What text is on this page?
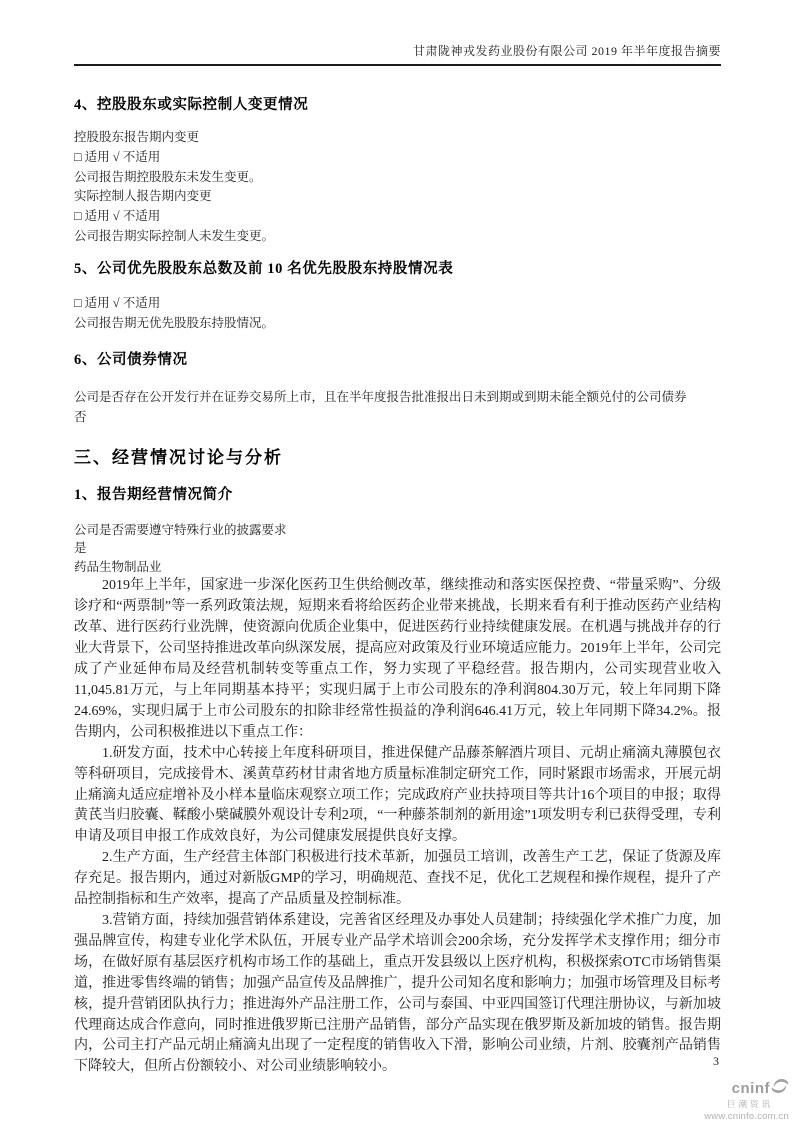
甘肃陇神戎发药业股份有限公司 2019 年半年度报告摘要
4、控股股东或实际控制人变更情况
控股股东报告期内变更
□ 适用 √ 不适用
公司报告期控股股东未发生变更。
实际控制人报告期内变更
□ 适用 √ 不适用
公司报告期实际控制人未发生变更。
5、公司优先股股东总数及前 10 名优先股股东持股情况表
□ 适用 √ 不适用
公司报告期无优先股股东持股情况。
6、公司债券情况
公司是否存在公开发行并在证券交易所上市，且在半年度报告批准报出日未到期或到期未能全额兑付的公司债券
否
三、经营情况讨论与分析
1、报告期经营情况简介
公司是否需要遵守特殊行业的披露要求
是
药品生物制品业

2019年上半年，国家进一步深化医药卫生供给侧改革，继续推动和落实医保控费、“带量采购”、分级诊疗和“两票制”等一系列政策法规，短期来看将给医药企业带来挑战，长期来看有利于推动医药产业结构改革、进行医药行业洗牌，使资源向优质企业集中，促进医药行业持续健康发展。在机遇与挑战并存的行业大背景下，公司坚持推进改革向纵深发展，提高应对政策及行业环境适应能力。2019年上半年，公司完成了产业延伸布局及经营机制转变等重点工作，努力实现了平稳经营。报告期内，公司实现营业收入11,045.81万元，与上年同期基本持平；实现归属于上市公司股东的净利润804.30万元，较上年同期下降24.69%，实现归属于上市公司股东的扣除非经常性损益的净利润646.41万元，较上年同期下降34.2%。报告期内，公司积极推进以下重点工作：

1.研发方面，技术中心转接上年度科研项目，推进保健产品藤茶解酒片项目、元胡止痛滴丸薄膜包衣等科研项目，完成接骨木、溪黄草药材甘肃省地方质量标准制定研究工作，同时紧跟市场需求，开展元胡止痛滴丸适应症增补及小样本量临床观察立项工作；完成政府产业扶持项目等共计16个项目的申报；取得黄芪当归胶囊、鞣酸小檗碱膜外观设计专利2项，“一种藤茶制剂的新用途”1项发明专利已获得受理，专利申请及项目申报工作成效良好，为公司健康发展提供良好支撑。

2.生产方面，生产经营主体部门积极进行技术革新，加强员工培训，改善生产工艺，保证了货源及库存充足。报告期内，通过对新版GMP的学习，明确规范、查找不足，优化工艺规程和操作规程，提升了产品控制指标和生产效率，提高了产品质量及控制标准。

3.营销方面，持续加强营销体系建设，完善省区经理及办事处人员建制；持续强化学术推广力度，加强品牌宣传，构建专业化学术队伍，开展专业产品学术培训会200余场，充分发挥学术支撑作用；细分市场，在做好原有基层医疗机构市场工作的基础上，重点开发县级以上医疗机构，积极探索OTC市场销售渠道，推进零售终端的销售；加强产品宣传及品牌推广，提升公司知名度和影响力；加强市场管理及目标考核，提升营销团队执行力；推进海外产品注册工作，公司与泰国、中亚四国签订代理注册协议，与新加坡代理商达成合作意向，同时推进俄罗斯已注册产品销售，部分产品实现在俄罗斯及新加坡的销售。报告期内，公司主打产品元胡止痛滴丸出现了一定程度的销售收入下滑，影响公司业绩，片剂、胶囊剂产品销售下降较大，但所占份额较小、对公司业绩影响较小。	3
cninf
巨潮资讯
www.cninfo.com.cn
